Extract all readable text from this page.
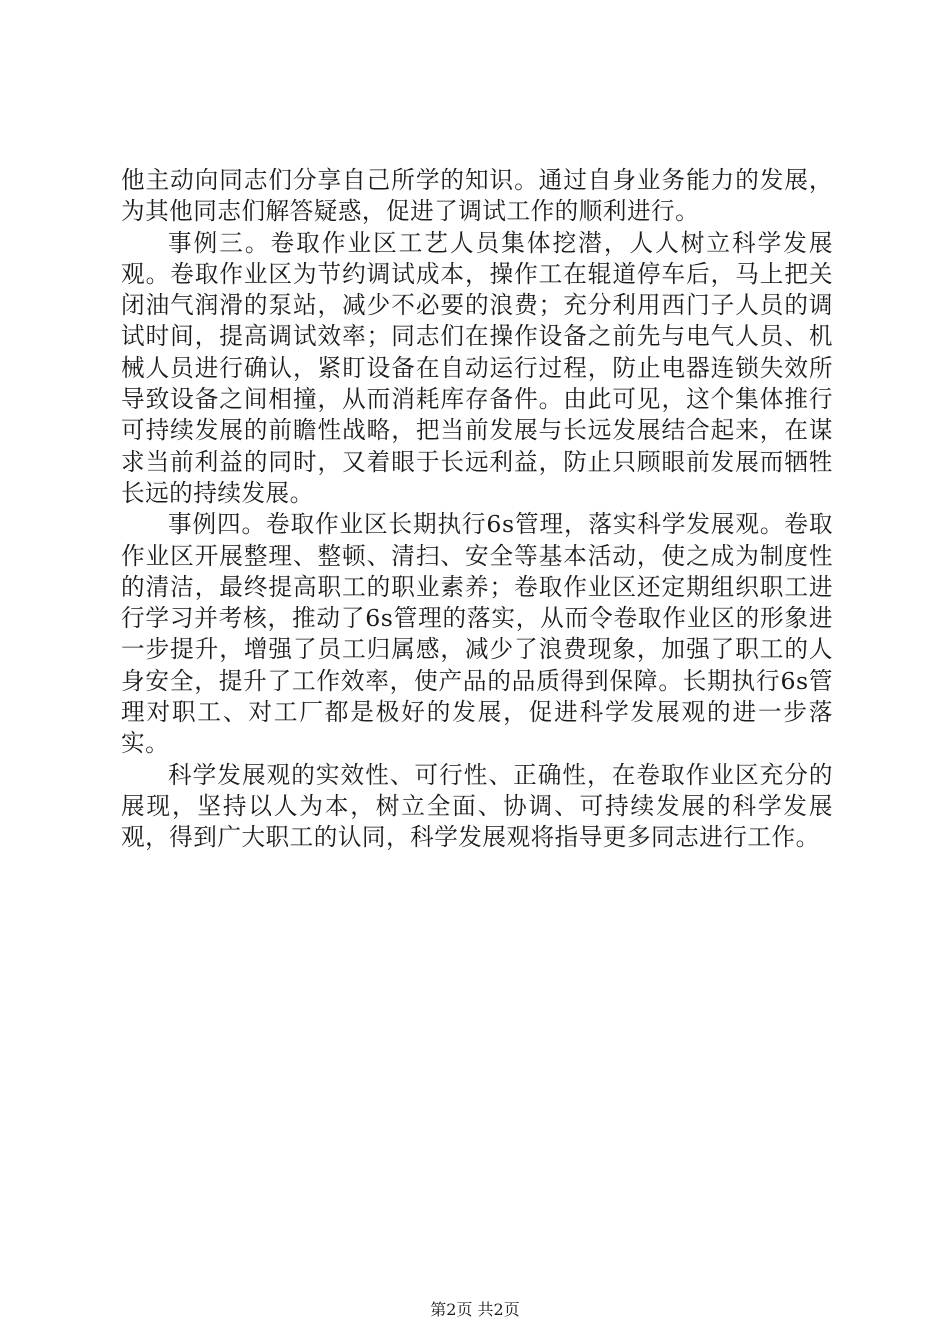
他主动向同志们分享自己所学的知识。通过自身业务能力的发展，为其他同志们解答疑惑，促进了调试工作的顺利进行。

事例三。卷取作业区工艺人员集体挖潜，人人树立科学发展观。卷取作业区为节约调试成本，操作工在辊道停车后，马上把关闭油气润滑的泵站，减少不必要的浪费；充分利用西门子人员的调试时间，提高调试效率；同志们在操作设备之前先与电气人员、机械人员进行确认，紧盯设备在自动运行过程，防止电器连锁失效所导致设备之间相撞，从而消耗库存备件。由此可见，这个集体推行可持续发展的前瞻性战略，把当前发展与长远发展结合起来，在谋求当前利益的同时，又着眼于长远利益，防止只顾眼前发展而牺牲长远的持续发展。

事例四。卷取作业区长期执行6s管理，落实科学发展观。卷取作业区开展整理、整顿、清扫、安全等基本活动，使之成为制度性的清洁，最终提高职工的职业素养；卷取作业区还定期组织职工进行学习并考核，推动了6s管理的落实，从而令卷取作业区的形象进一步提升，增强了员工归属感，减少了浪费现象，加强了职工的人身安全，提升了工作效率，使产品的品质得到保障。长期执行6s管理对职工、对工厂都是极好的发展，促进科学发展观的进一步落实。

科学发展观的实效性、可行性、正确性，在卷取作业区充分的展现，坚持以人为本，树立全面、协调、可持续发展的科学发展观，得到广大职工的认同，科学发展观将指导更多同志进行工作。

第2页 共2页
